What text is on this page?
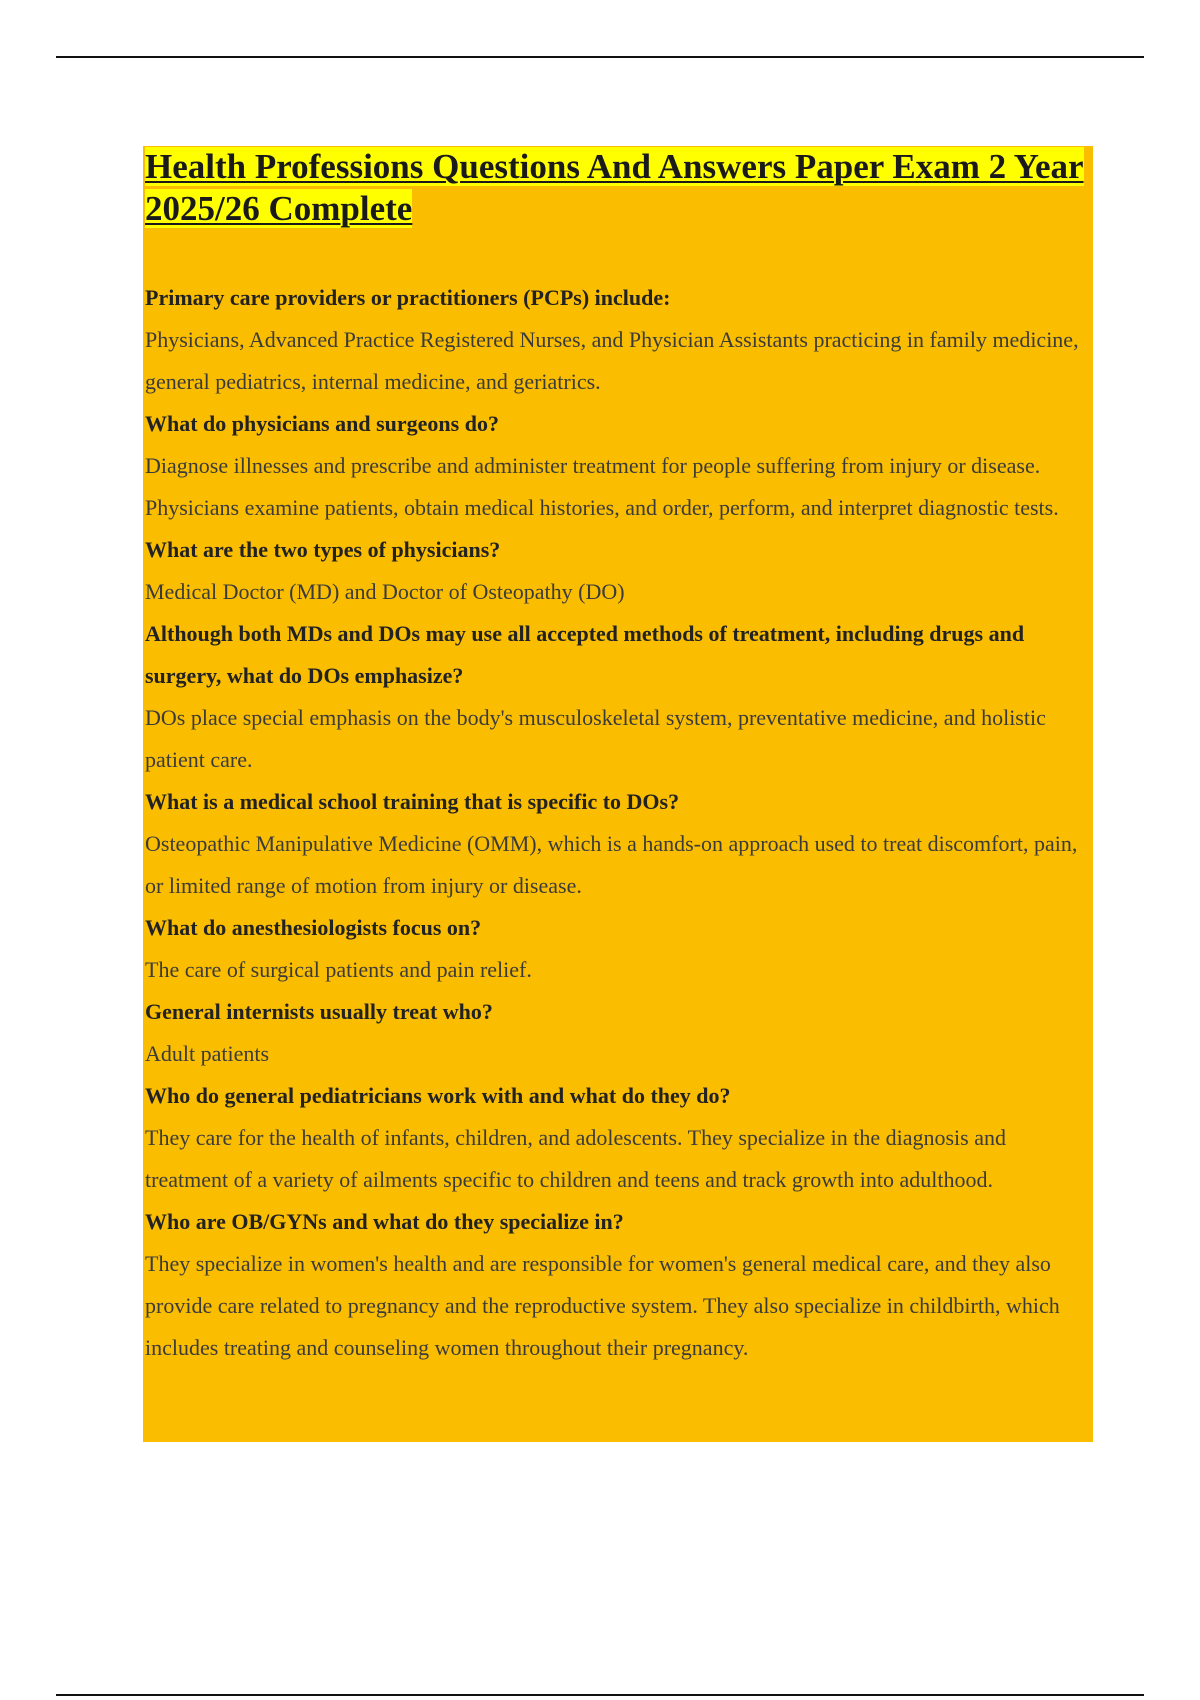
Health Professions Questions And Answers Paper Exam 2 Year 2025/26 Complete

Primary care providers or practitioners (PCPs) include:

Physicians, Advanced Practice Registered Nurses, and Physician Assistants practicing in family medicine, general pediatrics, internal medicine, and geriatrics.

What do physicians and surgeons do?

Diagnose illnesses and prescribe and administer treatment for people suffering from injury or disease. Physicians examine patients, obtain medical histories, and order, perform, and interpret diagnostic tests.

What are the two types of physicians?

Medical Doctor (MD) and Doctor of Osteopathy (DO)

Although both MDs and DOs may use all accepted methods of treatment, including drugs and surgery, what do DOs emphasize?

DOs place special emphasis on the body's musculoskeletal system, preventative medicine, and holistic patient care.

What is a medical school training that is specific to DOs?

Osteopathic Manipulative Medicine (OMM), which is a hands-on approach used to treat discomfort, pain, or limited range of motion from injury or disease.

What do anesthesiologists focus on?

The care of surgical patients and pain relief.

General internists usually treat who?

Adult patients

Who do general pediatricians work with and what do they do?

They care for the health of infants, children, and adolescents. They specialize in the diagnosis and treatment of a variety of ailments specific to children and teens and track growth into adulthood.

Who are OB/GYNs and what do they specialize in?

They specialize in women's health and are responsible for women's general medical care, and they also provide care related to pregnancy and the reproductive system. They also specialize in childbirth, which includes treating and counseling women throughout their pregnancy.
